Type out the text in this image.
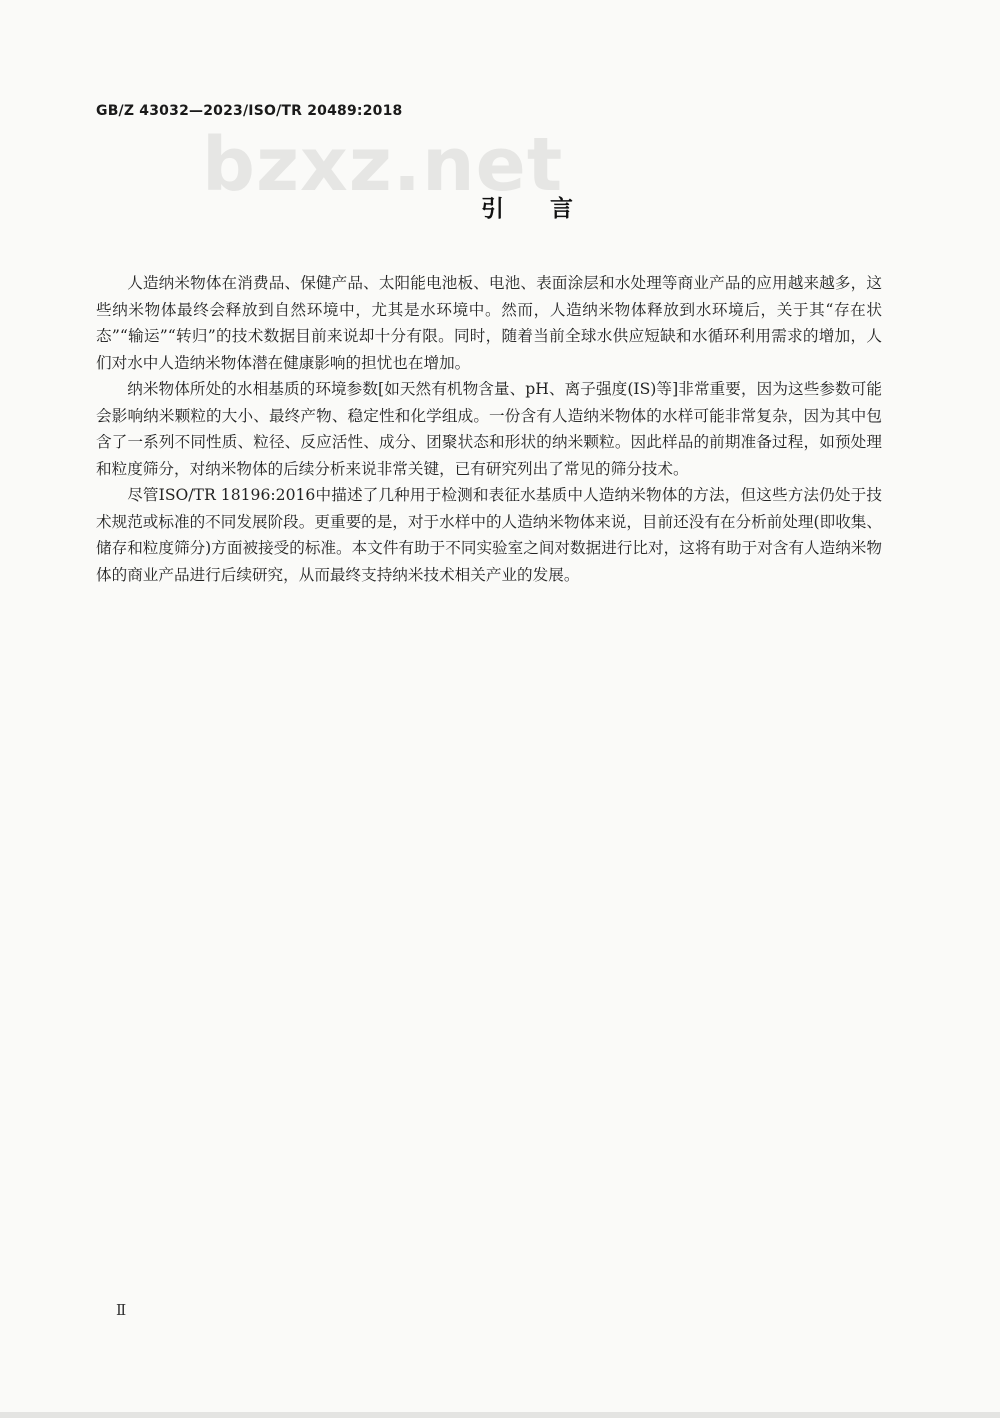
GB/Z 43032—2023/ISO/TR 20489:2018
bzxz.net
引言

人造纳米物体在消费品、保健产品、太阳能电池板、电池、表面涂层和水处理等商业产品的应用越来越多，这些纳米物体最终会释放到自然环境中，尤其是水环境中。然而，人造纳米物体释放到水环境后，关于其“存在状态”“输运”“转归”的技术数据目前来说却十分有限。同时，随着当前全球水供应短缺和水循环利用需求的增加，人们对水中人造纳米物体潜在健康影响的担忧也在增加。

纳米物体所处的水相基质的环境参数[如天然有机物含量、pH、离子强度(IS)等]非常重要，因为这些参数可能会影响纳米颗粒的大小、最终产物、稳定性和化学组成。一份含有人造纳米物体的水样可能非常复杂，因为其中包含了一系列不同性质、粒径、反应活性、成分、团聚状态和形状的纳米颗粒。因此样品的前期准备过程，如预处理和粒度筛分，对纳米物体的后续分析来说非常关键，已有研究列出了常见的筛分技术。

尽管ISO/TR 18196:2016中描述了几种用于检测和表征水基质中人造纳米物体的方法，但这些方法仍处于技术规范或标准的不同发展阶段。更重要的是，对于水样中的人造纳米物体来说，目前还没有在分析前处理(即收集、储存和粒度筛分)方面被接受的标准。本文件有助于不同实验室之间对数据进行比对，这将有助于对含有人造纳米物体的商业产品进行后续研究，从而最终支持纳米技术相关产业的发展。

Ⅱ
